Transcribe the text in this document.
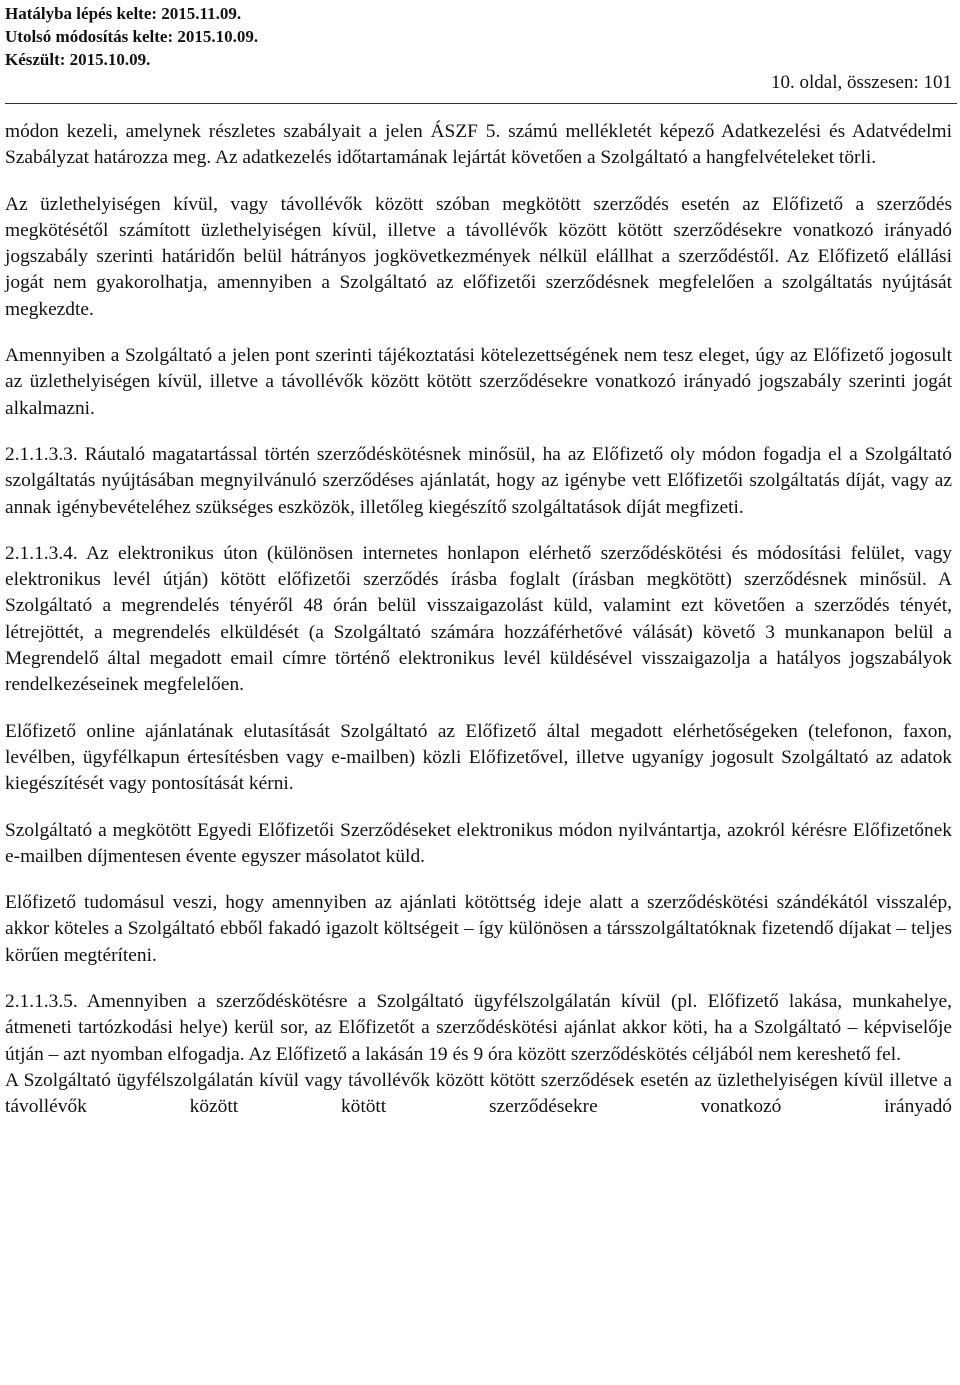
Hatályba lépés kelte: 2015.11.09.
Utolsó módosítás kelte: 2015.10.09.
Készült: 2015.10.09.
10. oldal, összesen: 101

módon kezeli, amelynek részletes szabályait a jelen ÁSZF 5. számú mellékletét képező Adatkezelési és Adatvédelmi Szabályzat határozza meg. Az adatkezelés időtartamának lejártát követően a Szolgáltató a hangfelvételeket törli.

Az üzlethelyiségen kívül, vagy távollévők között szóban megkötött szerződés esetén az Előfizető a szerződés megkötésétől számított üzlethelyiségen kívül, illetve a távollévők között kötött szerződésekre vonatkozó irányadó jogszabály szerinti határidőn belül hátrányos jogkövetkezmények nélkül elállhat a szerződéstől. Az Előfizető elállási jogát nem gyakorolhatja, amennyiben a Szolgáltató az előfizetői szerződésnek megfelelően a szolgáltatás nyújtását megkezdte.

Amennyiben a Szolgáltató a jelen pont szerinti tájékoztatási kötelezettségének nem tesz eleget, úgy az Előfizető jogosult az üzlethelyiségen kívül, illetve a távollévők között kötött szerződésekre vonatkozó irányadó jogszabály szerinti jogát alkalmazni.

2.1.1.3.3. Ráutaló magatartással történ szerződéskötésnek minősül, ha az Előfizető oly módon fogadja el a Szolgáltató szolgáltatás nyújtásában megnyilvánuló szerződéses ajánlatát, hogy az igénybe vett Előfizetői szolgáltatás díját, vagy az annak igénybevételéhez szükséges eszközök, illetőleg kiegészítő szolgáltatások díját megfizeti.

2.1.1.3.4. Az elektronikus úton (különösen internetes honlapon elérhető szerződéskötési és módosítási felület, vagy elektronikus levél útján) kötött előfizetői szerződés írásba foglalt (írásban megkötött) szerződésnek minősül. A Szolgáltató a megrendelés tényéről 48 órán belül visszaigazolást küld, valamint ezt követően a szerződés tényét, létrejöttét, a megrendelés elküldését (a Szolgáltató számára hozzáférhetővé válását) követő 3 munkanapon belül a Megrendelő által megadott email címre történő elektronikus levél küldésével visszaigazolja a hatályos jogszabályok rendelkezéseinek megfelelően.

Előfizető online ajánlatának elutasítását Szolgáltató az Előfizető által megadott elérhetőségeken (telefonon, faxon, levélben, ügyfélkapun értesítésben vagy e-mailben) közli Előfizetővel, illetve ugyanígy jogosult Szolgáltató az adatok kiegészítését vagy pontosítását kérni.

Szolgáltató a megkötött Egyedi Előfizetői Szerződéseket elektronikus módon nyilvántartja, azokról kérésre Előfizetőnek e-mailben díjmentesen évente egyszer másolatot küld.

Előfizető tudomásul veszi, hogy amennyiben az ajánlati kötöttség ideje alatt a szerződéskötési szándékától visszalép, akkor köteles a Szolgáltató ebből fakadó igazolt költségeit – így különösen a társszolgáltatóknak fizetendő díjakat – teljes körűen megtéríteni.

2.1.1.3.5. Amennyiben a szerződéskötésre a Szolgáltató ügyfélszolgálatán kívül (pl. Előfizető lakása, munkahelye, átmeneti tartózkodási helye) kerül sor, az Előfizetőt a szerződéskötési ajánlat akkor köti, ha a Szolgáltató – képviselője útján – azt nyomban elfogadja. Az Előfizető a lakásán 19 és 9 óra között szerződéskötés céljából nem kereshető fel.

A Szolgáltató ügyfélszolgálatán kívül vagy távollévők között kötött szerződések esetén az üzlethelyiségen kívül illetve a távollévők között kötött szerződésekre vonatkozó irányadó
